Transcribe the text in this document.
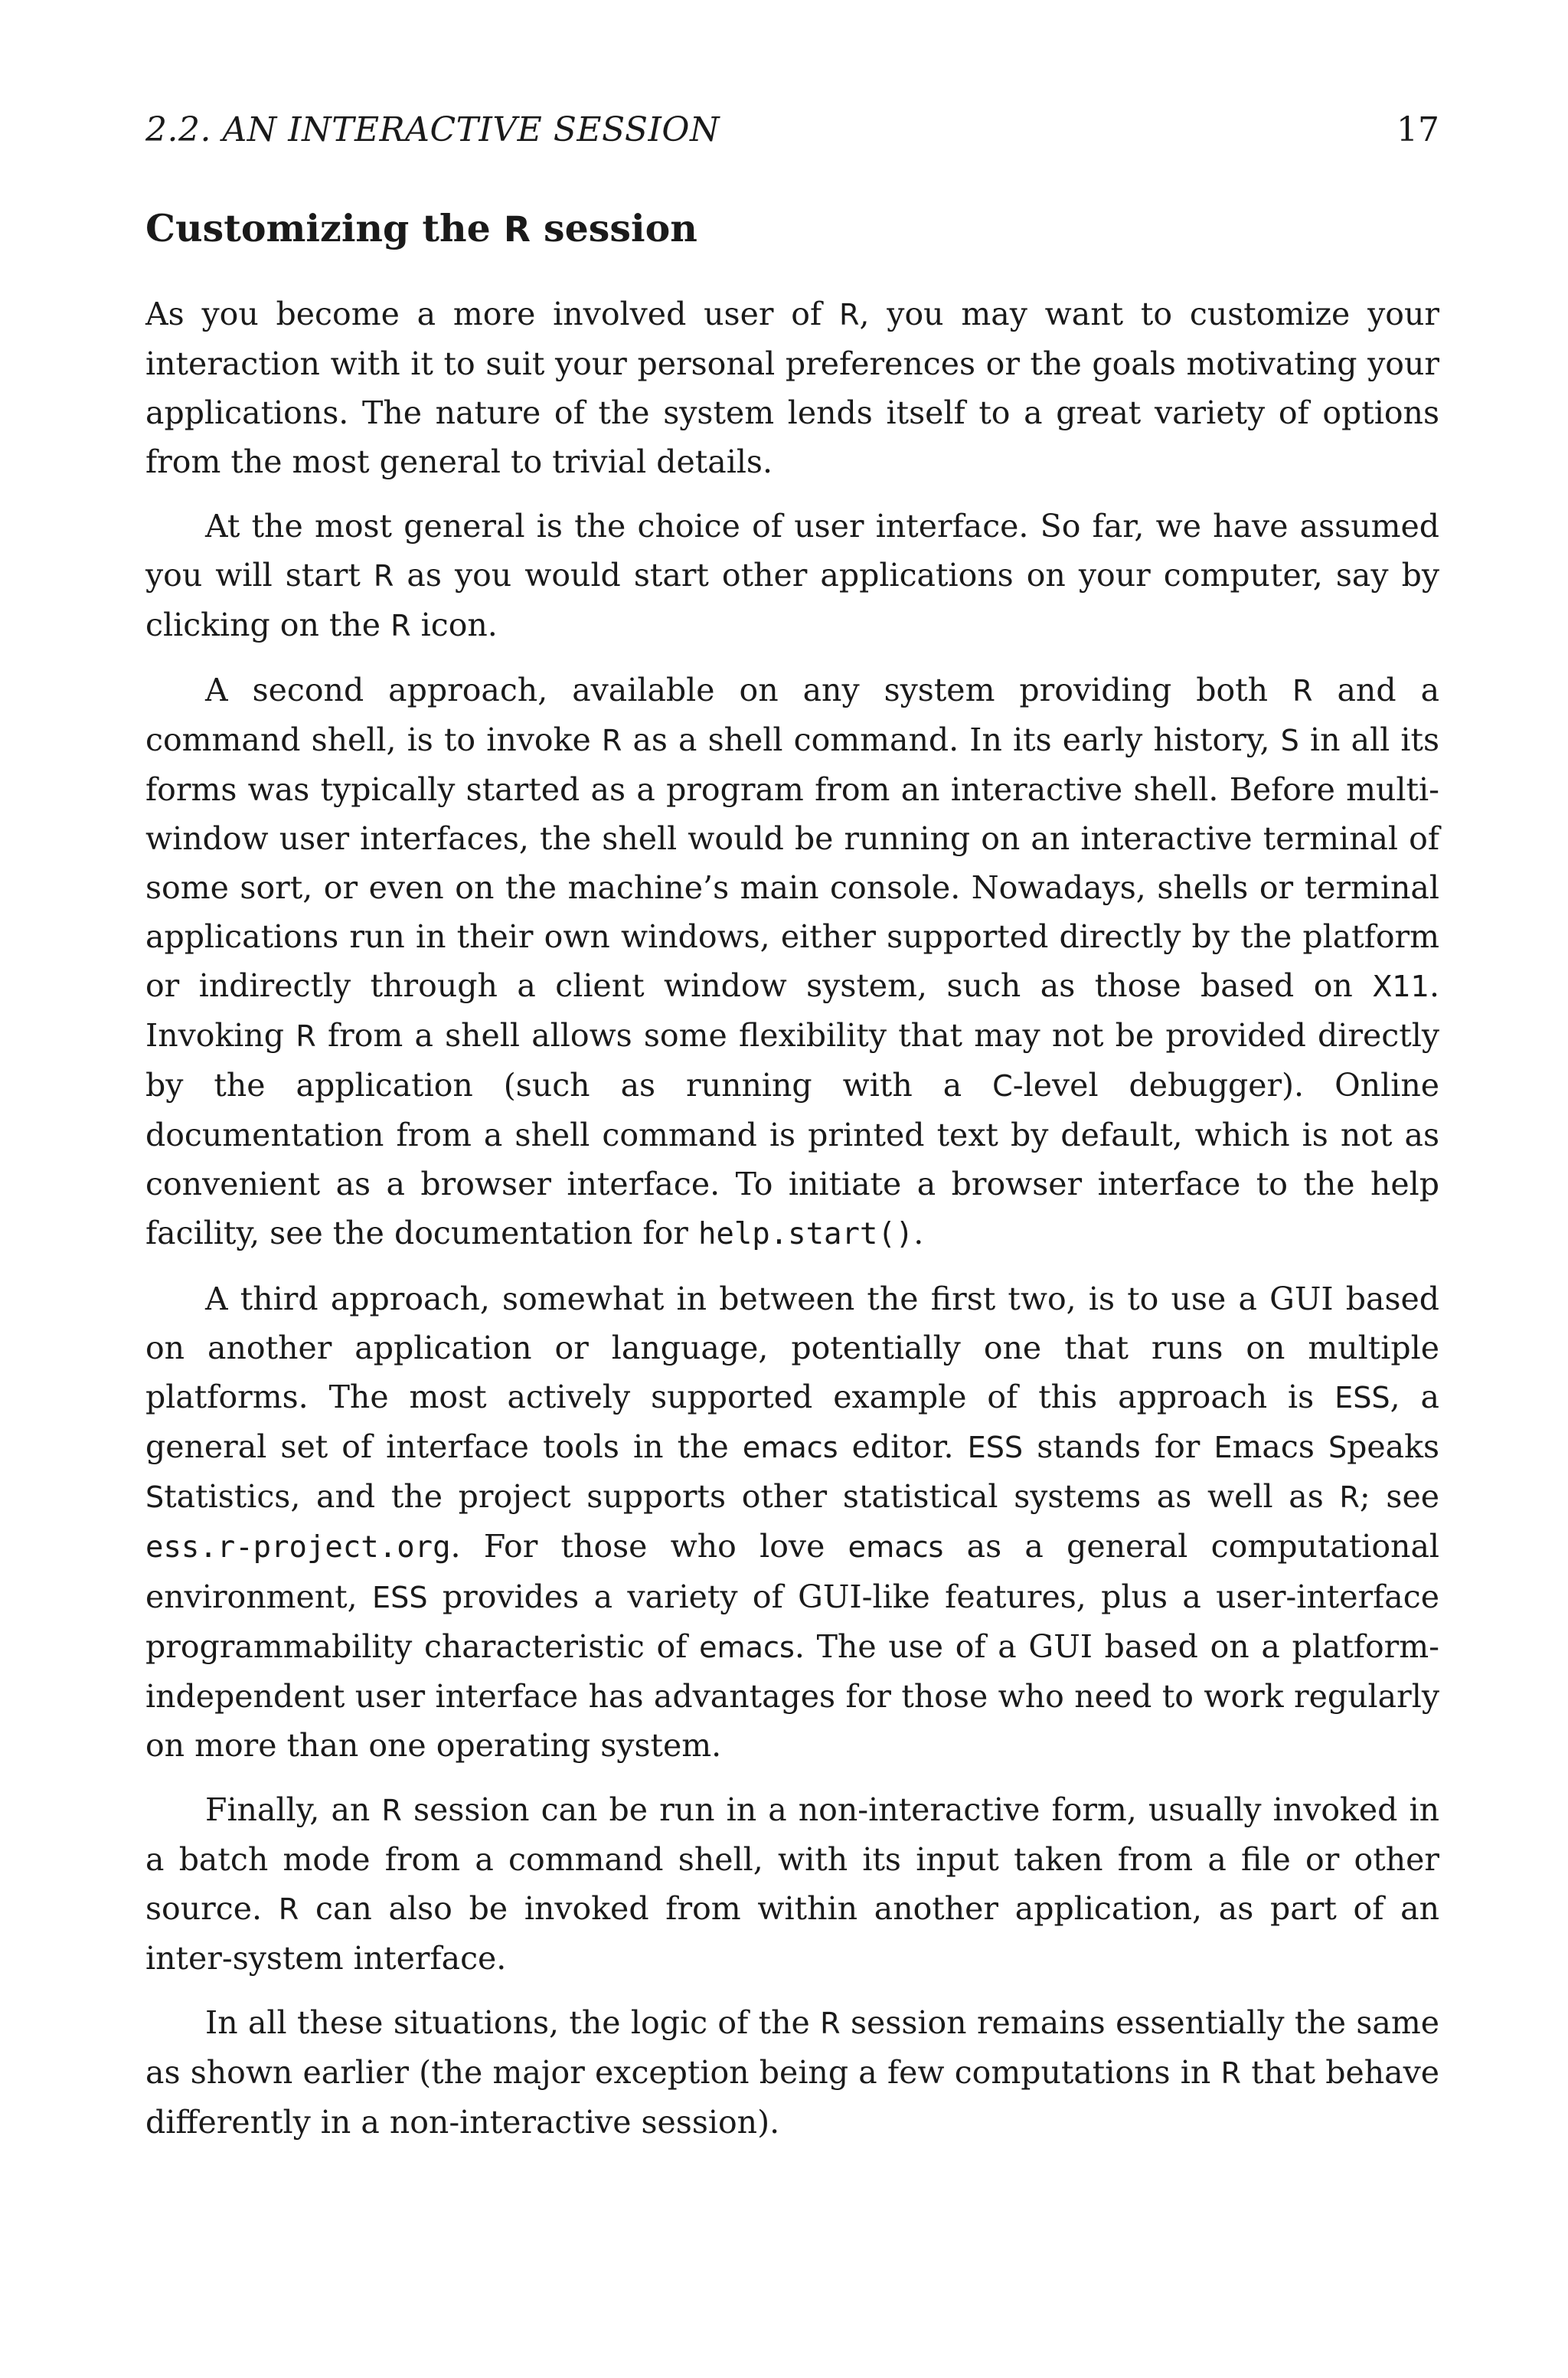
2.2. AN INTERACTIVE SESSION	17
Customizing the R session

As you become a more involved user of R, you may want to customize your interaction with it to suit your personal preferences or the goals motivating your applications. The nature of the system lends itself to a great variety of options from the most general to trivial details.

At the most general is the choice of user interface. So far, we have assumed you will start R as you would start other applications on your computer, say by clicking on the R icon.

A second approach, available on any system providing both R and a command shell, is to invoke R as a shell command. In its early history, S in all its forms was typically started as a program from an interactive shell. Before multi-window user interfaces, the shell would be running on an interactive terminal of some sort, or even on the machine’s main console. Nowadays, shells or terminal applications run in their own windows, either supported directly by the platform or indirectly through a client window system, such as those based on X11. Invoking R from a shell allows some flexibility that may not be provided directly by the application (such as running with a C-level debugger). Online documentation from a shell command is printed text by default, which is not as convenient as a browser interface. To initiate a browser interface to the help facility, see the documentation for help.start().

A third approach, somewhat in between the first two, is to use a GUI based on another application or language, potentially one that runs on multiple platforms. The most actively supported example of this approach is ESS, a general set of interface tools in the emacs editor. ESS stands for Emacs Speaks Statistics, and the project supports other statistical systems as well as R; see ess.r-project.org. For those who love emacs as a general computational environment, ESS provides a variety of GUI-like features, plus a user-interface programmability characteristic of emacs. The use of a GUI based on a platform-independent user interface has advantages for those who need to work regularly on more than one operating system.

Finally, an R session can be run in a non-interactive form, usually invoked in a batch mode from a command shell, with its input taken from a file or other source. R can also be invoked from within another application, as part of an inter-system interface.

In all these situations, the logic of the R session remains essentially the same as shown earlier (the major exception being a few computations in R that behave differently in a non-interactive session).
